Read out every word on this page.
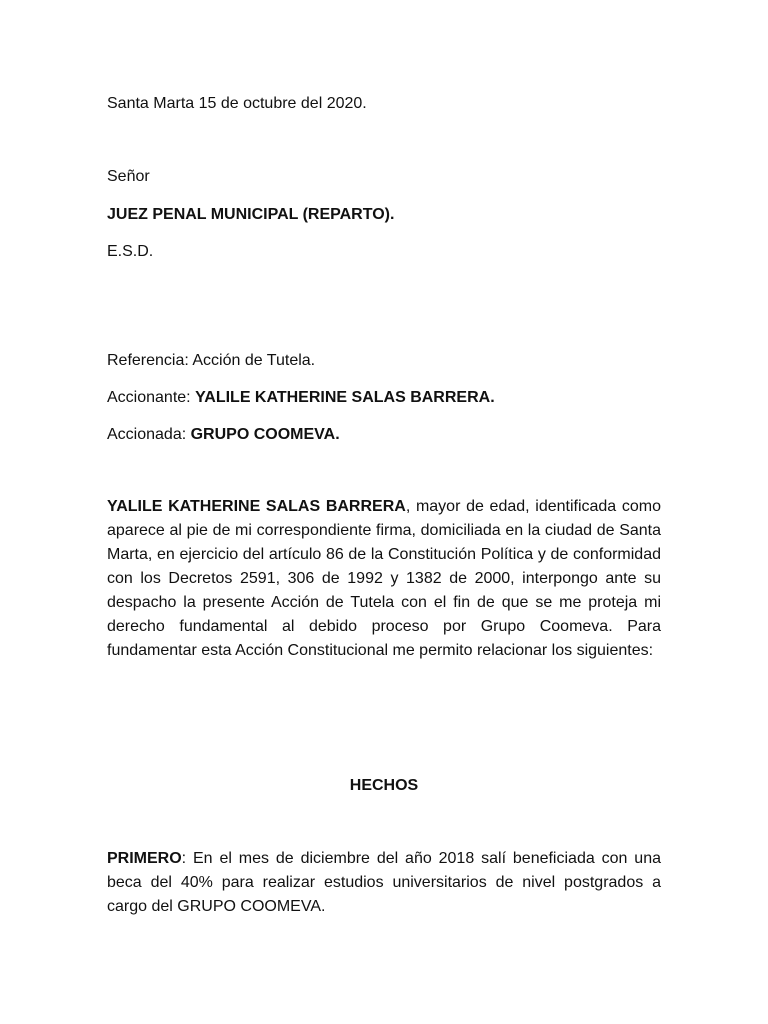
Santa Marta 15 de octubre del 2020.

Señor

JUEZ PENAL MUNICIPAL (REPARTO).

E.S.D.

Referencia: Acción de Tutela.

Accionante: YALILE KATHERINE SALAS BARRERA.

Accionada: GRUPO COOMEVA.

YALILE KATHERINE SALAS BARRERA, mayor de edad, identificada como aparece al pie de mi correspondiente firma, domiciliada en la ciudad de Santa Marta, en ejercicio del artículo 86 de la Constitución Política y de conformidad con los Decretos 2591, 306 de 1992 y 1382 de 2000, interpongo ante su despacho la presente Acción de Tutela con el fin de que se me proteja mi derecho fundamental al debido proceso por Grupo Coomeva. Para fundamentar esta Acción Constitucional me permito relacionar los siguientes:

HECHOS

PRIMERO: En el mes de diciembre del año 2018 salí beneficiada con una beca del 40% para realizar estudios universitarios de nivel postgrados a cargo del GRUPO COOMEVA.
